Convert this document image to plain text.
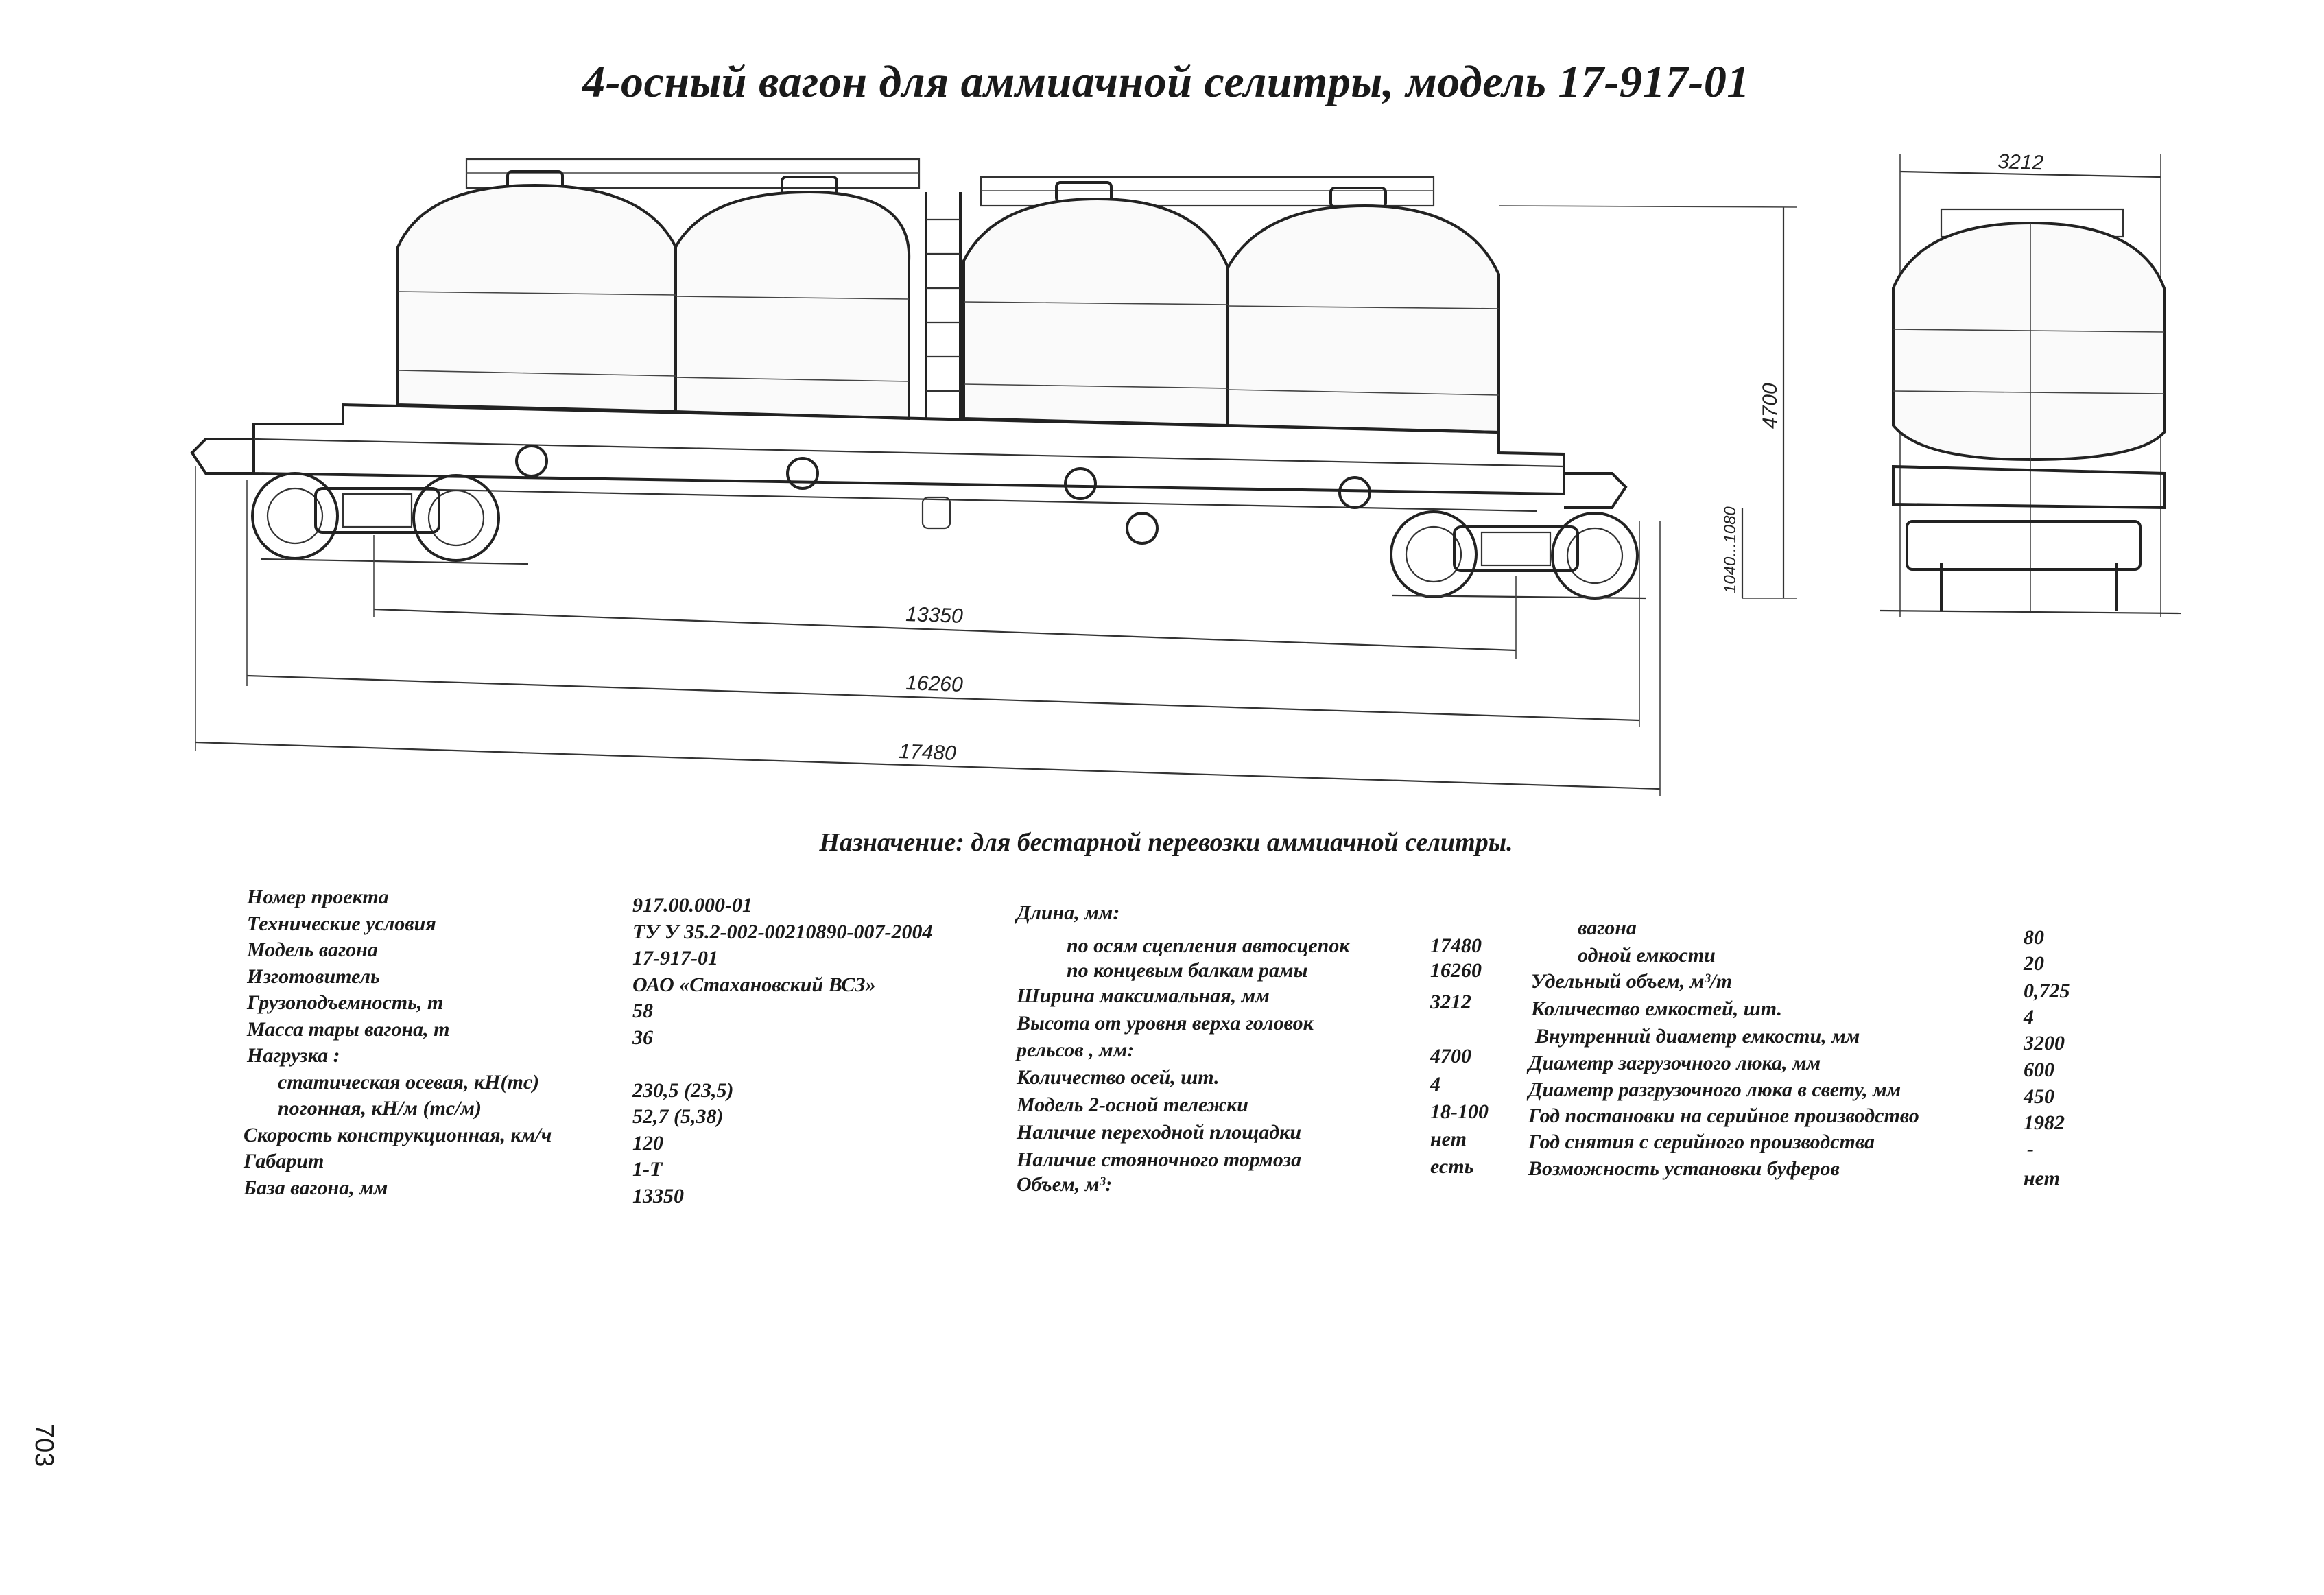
4-осный вагон для аммиачной селитры, модель 17-917-01
13350
16260
17480
4700
1040...1080
3212
Назначение: для бестарной перевозки аммиачной селитры.
Номер проекта	917.00.000-01
Технические условия	ТУ У 35.2-002-00210890-007-2004
Модель вагона	17-917-01
Изготовитель	ОАО «Стахановский ВСЗ»
Грузоподъемность, т	58
Масса тары вагона, т	36
Нагрузка :
статическая осевая, кН(тс)	230,5 (23,5)
погонная, кН/м (тс/м)	52,7 (5,38)
Скорость конструкционная, км/ч	120
Габарит	1-Т
База вагона, мм	13350
Длина, мм:
по осям сцепления автосцепок	17480
по концевым балкам рамы	16260
Ширина максимальная, мм	3212
Высота от уровня верха головок
рельсов , мм:	4700
Количество осей, шт.	4
Модель 2-осной тележки	18-100
Наличие переходной площадки	нет
Наличие стояночного тормоза	есть
Объем, м³:
вагона	80
одной емкости	20
Удельный объем, м³/т	0,725
Количество емкостей, шт.	4
Внутренний диаметр емкости, мм	3200
Диаметр загрузочного люка, мм	600
Диаметр разгрузочного люка в свету, мм	450
Год постановки на серийное производство	1982
Год снятия с серийного производства	-
Возможность установки буферов	нет
703
